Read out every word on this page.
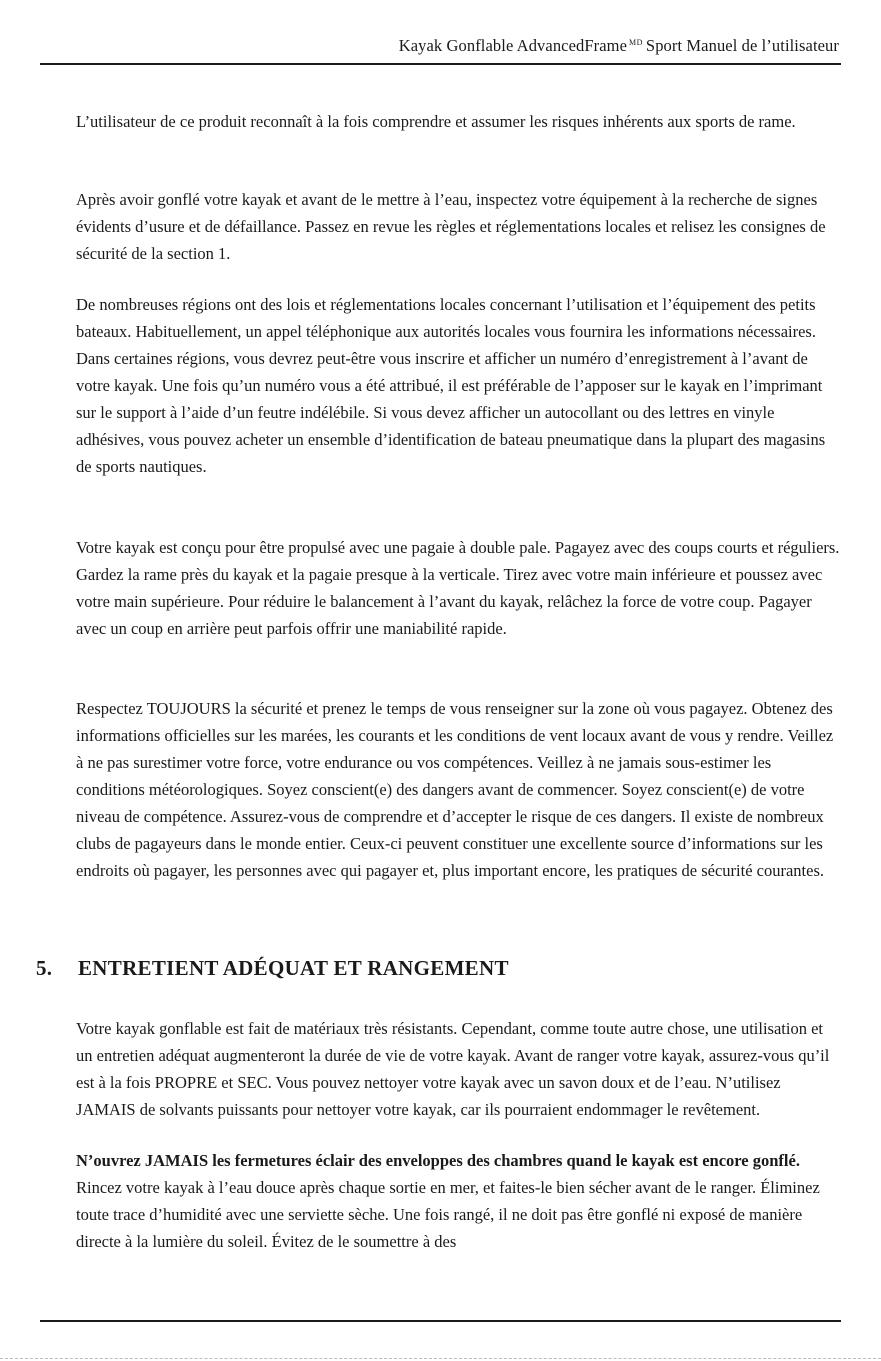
Kayak Gonflable AdvancedFrame $^{MD}$ Sport Manuel de l’utilisateur

L’utilisateur de ce produit reconnaît à la fois comprendre et assumer les risques inhérents aux sports de rame.

Après avoir gonflé votre kayak et avant de le mettre à l’eau, inspectez votre équipement à la recherche de signes évidents d’usure et de défaillance. Passez en revue les règles et réglementations locales et relisez les consignes de sécurité de la section 1.

De nombreuses régions ont des lois et réglementations locales concernant l’utilisation et l’équipement des petits bateaux. Habituellement, un appel téléphonique aux autorités locales vous fournira les informations nécessaires. Dans certaines régions, vous devrez peut-être vous inscrire et afficher un numéro d’enregistrement à l’avant de votre kayak. Une fois qu’un numéro vous a été attribué, il est préférable de l’apposer sur le kayak en l’imprimant sur le support à l’aide d’un feutre indélébile. Si vous devez afficher un autocollant ou des lettres en vinyle adhésives, vous pouvez acheter un ensemble d’identification de bateau pneumatique dans la plupart des magasins de sports nautiques.

Votre kayak est conçu pour être propulsé avec une pagaie à double pale. Pagayez avec des coups courts et réguliers. Gardez la rame près du kayak et la pagaie presque à la verticale. Tirez avec votre main inférieure et poussez avec votre main supérieure. Pour réduire le balancement à l’avant du kayak, relâchez la force de votre coup. Pagayer avec un coup en arrière peut parfois offrir une maniabilité rapide.

Respectez TOUJOURS la sécurité et prenez le temps de vous renseigner sur la zone où vous pagayez. Obtenez des informations officielles sur les marées, les courants et les conditions de vent locaux avant de vous y rendre. Veillez à ne pas surestimer votre force, votre endurance ou vos compétences. Veillez à ne jamais sous-estimer les conditions météorologiques. Soyez conscient(e) des dangers avant de commencer. Soyez conscient(e) de votre niveau de compétence. Assurez-vous de comprendre et d’accepter le risque de ces dangers. Il existe de nombreux clubs de pagayeurs dans le monde entier. Ceux-ci peuvent constituer une excellente source d’informations sur les endroits où pagayer, les personnes avec qui pagayer et, plus important encore, les pratiques de sécurité courantes.

5. ENTRETIENT ADÉQUAT ET RANGEMENT

Votre kayak gonflable est fait de matériaux très résistants. Cependant, comme toute autre chose, une utilisation et un entretien adéquat augmenteront la durée de vie de votre kayak. Avant de ranger votre kayak, assurez-vous qu’il est à la fois PROPRE et SEC. Vous pouvez nettoyer votre kayak avec un savon doux et de l’eau. N’utilisez JAMAIS de solvants puissants pour nettoyer votre kayak, car ils pourraient endommager le revêtement.

N’ouvrez JAMAIS les fermetures éclair des enveloppes des chambres quand le kayak est encore gonflé.

Rincez votre kayak à l’eau douce après chaque sortie en mer, et faites-le bien sécher avant de le ranger. Éliminez toute trace d’humidité avec une serviette sèche. Une fois rangé, il ne doit pas être gonflé ni exposé de manière directe à la lumière du soleil. Évitez de le soumettre à des
